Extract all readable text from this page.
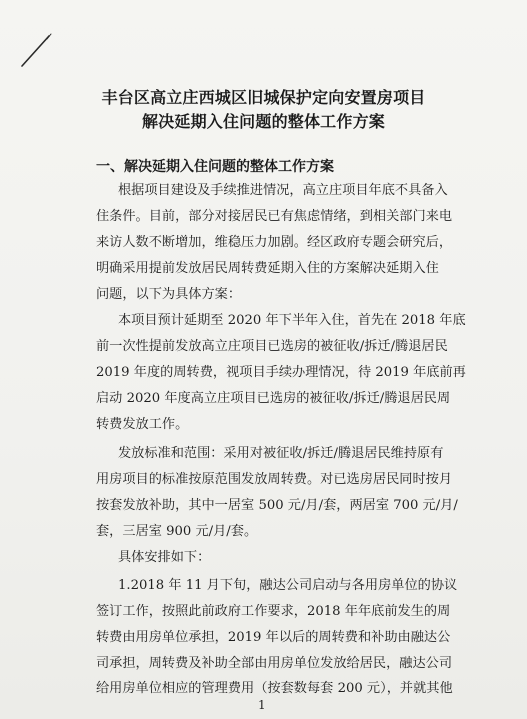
丰台区高立庄西城区旧城保护定向安置房项目
解决延期入住问题的整体工作方案
一、解决延期入住问题的整体工作方案
根据项目建设及手续推进情况，高立庄项目年底不具备入
住条件。目前，部分对接居民已有焦虑情绪，到相关部门来电
来访人数不断增加，维稳压力加剧。经区政府专题会研究后，
明确采用提前发放居民周转费延期入住的方案解决延期入住
问题，以下为具体方案：
本项目预计延期至 2020 年下半年入住，首先在 2018 年底
前一次性提前发放高立庄项目已选房的被征收/拆迁/腾退居民
2019 年度的周转费，视项目手续办理情况，待 2019 年底前再
启动 2020 年度高立庄项目已选房的被征收/拆迁/腾退居民周
转费发放工作。
发放标准和范围：采用对被征收/拆迁/腾退居民维持原有
用房项目的标准按原范围发放周转费。对已选房居民同时按月
按套发放补助，其中一居室 500 元/月/套，两居室 700 元/月/
套，三居室 900 元/月/套。
具体安排如下：
1.2018 年 11 月下旬，融达公司启动与各用房单位的协议
签订工作，按照此前政府工作要求，2018 年年底前发生的周
转费由用房单位承担，2019 年以后的周转费和补助由融达公
司承担，周转费及补助全部由用房单位发放给居民，融达公司
给用房单位相应的管理费用（按套数每套 200 元），并就其他
1
